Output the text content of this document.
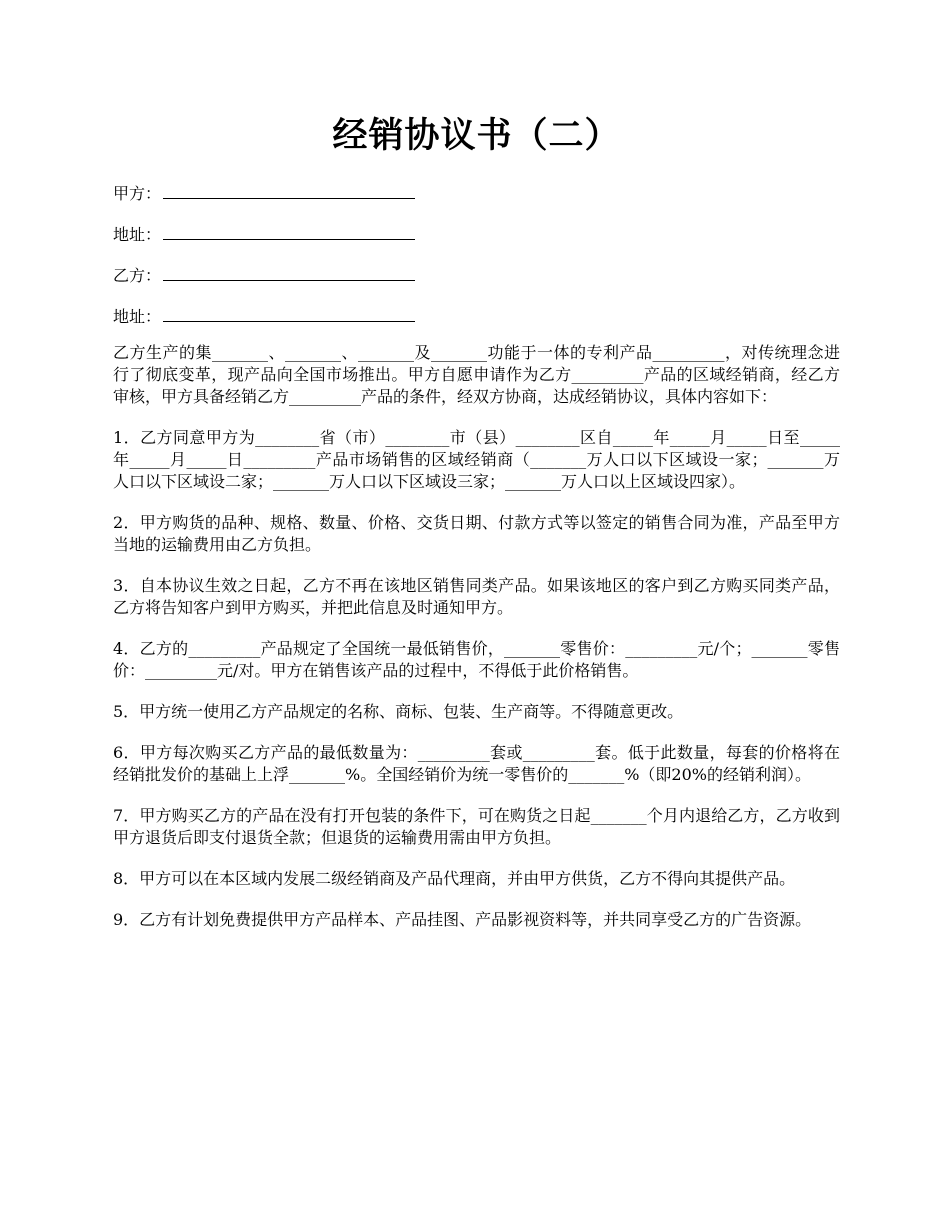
经销协议书（二）

甲方：

地址：

乙方：

地址：

乙方生产的集_______、_______、_______及_______功能于一体的专利产品_________，对传统理念进行了彻底变革，现产品向全国市场推出。甲方自愿申请作为乙方_________产品的区域经销商，经乙方审核，甲方具备经销乙方_________产品的条件，经双方协商，达成经销协议，具体内容如下：

1．乙方同意甲方为________省（市）________市（县）________区自_____年_____月_____日至_____年_____月_____日_________产品市场销售的区域经销商（_______万人口以下区域设一家；_______万人口以下区域设二家；_______万人口以下区域设三家；_______万人口以上区域设四家）。

2．甲方购货的品种、规格、数量、价格、交货日期、付款方式等以签定的销售合同为准，产品至甲方当地的运输费用由乙方负担。

3．自本协议生效之日起，乙方不再在该地区销售同类产品。如果该地区的客户到乙方购买同类产品，乙方将告知客户到甲方购买，并把此信息及时通知甲方。

4．乙方的_________产品规定了全国统一最低销售价，_______零售价：_________元/个；_______零售价：_________元/对。甲方在销售该产品的过程中，不得低于此价格销售。

5．甲方统一使用乙方产品规定的名称、商标、包装、生产商等。不得随意更改。

6．甲方每次购买乙方产品的最低数量为：_________套或_________套。低于此数量，每套的价格将在经销批发价的基础上上浮_______%。全国经销价为统一零售价的_______%（即20%的经销利润）。

7．甲方购买乙方的产品在没有打开包装的条件下，可在购货之日起_______个月内退给乙方，乙方收到甲方退货后即支付退货全款；但退货的运输费用需由甲方负担。

8．甲方可以在本区域内发展二级经销商及产品代理商，并由甲方供货，乙方不得向其提供产品。

9．乙方有计划免费提供甲方产品样本、产品挂图、产品影视资料等，并共同享受乙方的广告资源。
